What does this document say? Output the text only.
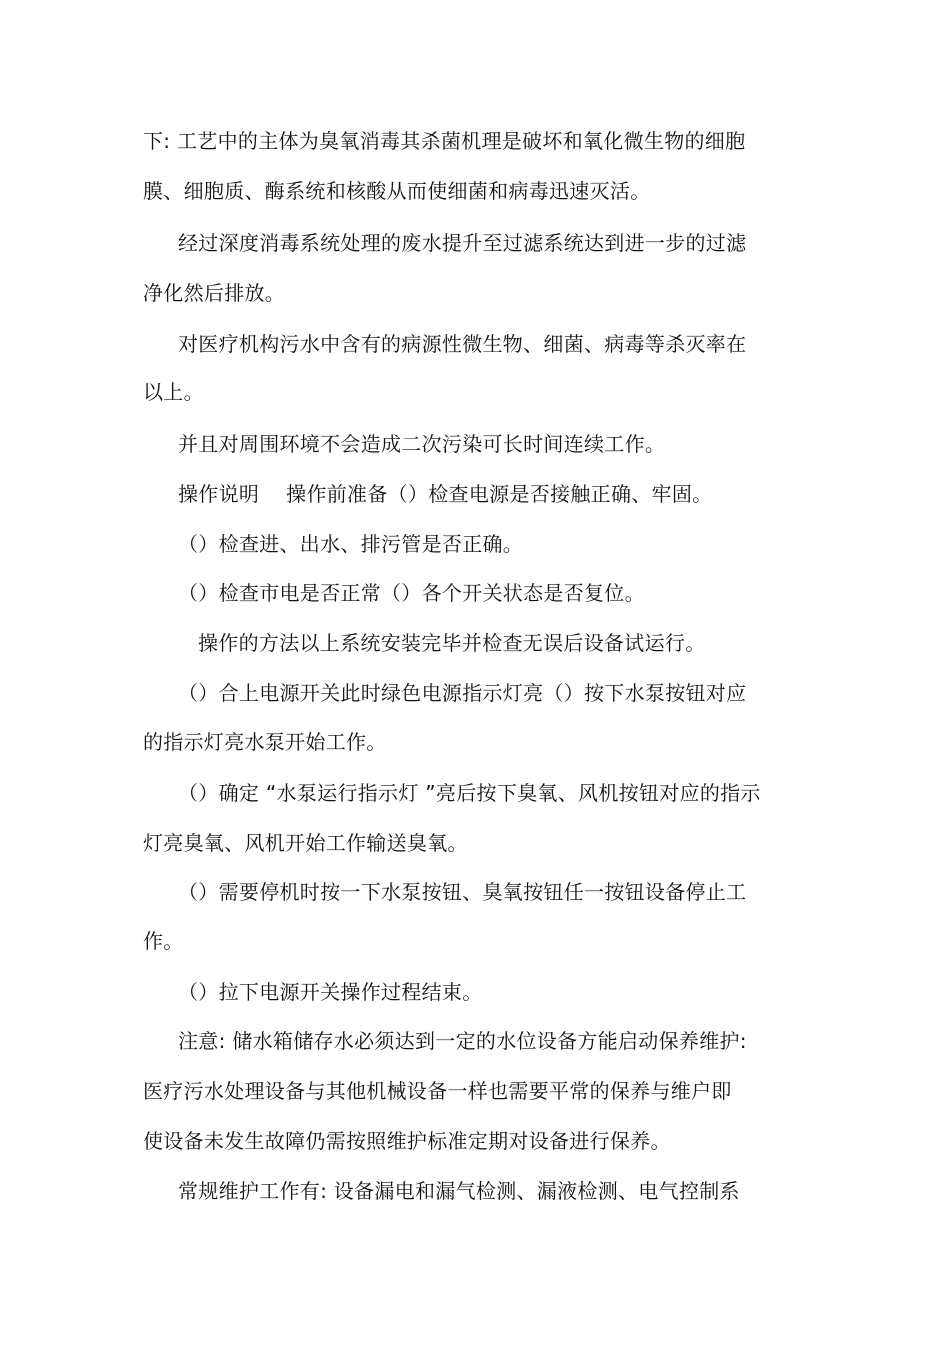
下: 工艺中的主体为臭氧消毒其杀菌机理是破坏和氧化微生物的细胞
膜、细胞质、酶系统和核酸从而使细菌和病毒迅速灭活。
经过深度消毒系统处理的废水提升至过滤系统达到进一步的过滤
净化然后排放。
对医疗机构污水中含有的病源性微生物、细菌、病毒等杀灭率在
以上。
并且对周围环境不会造成二次污染可长时间连续工作。
操作说明　 操作前准备（）检查电源是否接触正确、牢固。
（）检查进、出水、排污管是否正确。
（）检查市电是否正常（）各个开关状态是否复位。
操作的方法以上系统安装完毕并检查无误后设备试运行。
（）合上电源开关此时绿色电源指示灯亮（）按下水泵按钮对应
的指示灯亮水泵开始工作。
（）确定 “水泵运行指示灯 ”亮后按下臭氧、风机按钮对应的指示
灯亮臭氧、风机开始工作输送臭氧。
（）需要停机时按一下水泵按钮、臭氧按钮任一按钮设备停止工
作。
（）拉下电源开关操作过程结束。
注意: 储水箱储存水必须达到一定的水位设备方能启动保养维护:
医疗污水处理设备与其他机械设备一样也需要平常的保养与维户即
使设备未发生故障仍需按照维护标准定期对设备进行保养。
常规维护工作有: 设备漏电和漏气检测、漏液检测、电气控制系
